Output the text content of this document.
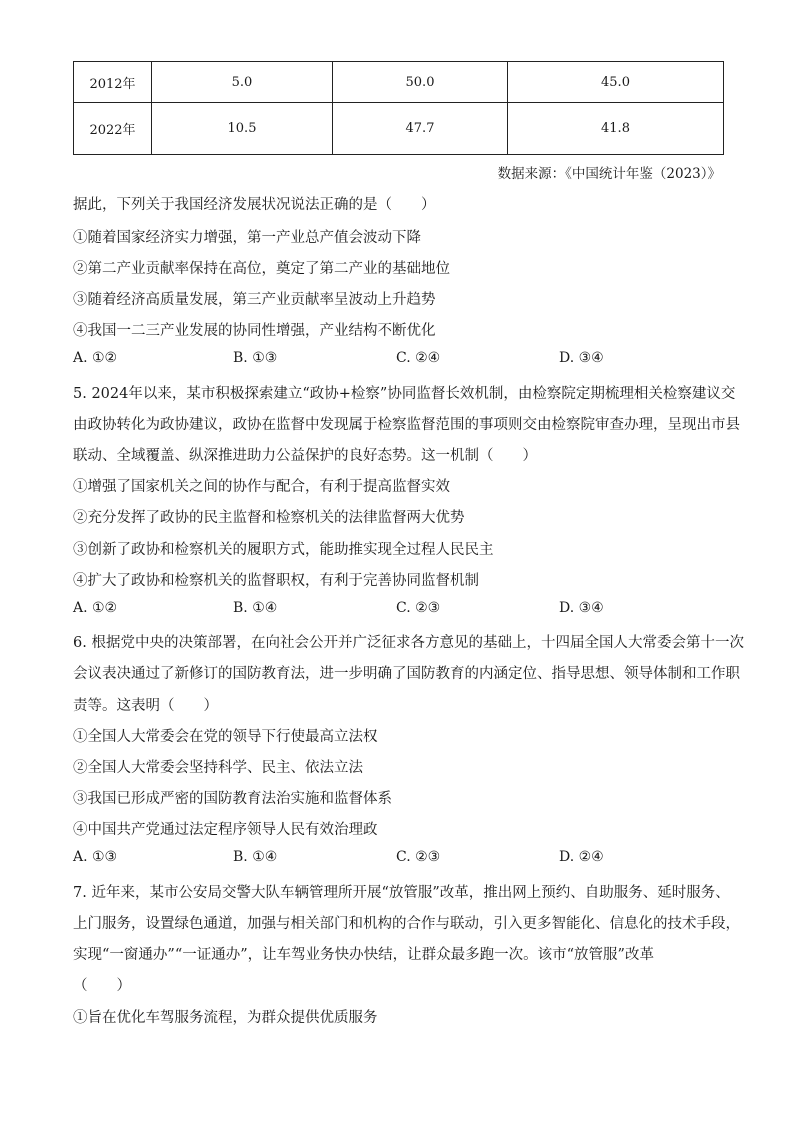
2012年	5.0	50.0	45.0
2022年	10.5	47.7	41.8
数据来源：《中国统计年鉴（2023）》
据此，下列关于我国经济发展状况说法正确的是（　　）
①随着国家经济实力增强，第一产业总产值会波动下降
②第二产业贡献率保持在高位，奠定了第二产业的基础地位
③随着经济高质量发展，第三产业贡献率呈波动上升趋势
④我国一二三产业发展的协同性增强，产业结构不断优化
A. ①②	B. ①③	C. ②④	D. ③④
5. 2024年以来，某市积极探索建立“政协+检察”协同监督长效机制，由检察院定期梳理相关检察建议交
由政协转化为政协建议，政协在监督中发现属于检察监督范围的事项则交由检察院审查办理，呈现出市县
联动、全域覆盖、纵深推进助力公益保护的良好态势。这一机制（　　）
①增强了国家机关之间的协作与配合，有利于提高监督实效
②充分发挥了政协的民主监督和检察机关的法律监督两大优势
③创新了政协和检察机关的履职方式，能助推实现全过程人民民主
④扩大了政协和检察机关的监督职权，有利于完善协同监督机制
A. ①②	B. ①④	C. ②③	D. ③④
6. 根据党中央的决策部署，在向社会公开并广泛征求各方意见的基础上，十四届全国人大常委会第十一次
会议表决通过了新修订的国防教育法，进一步明确了国防教育的内涵定位、指导思想、领导体制和工作职
责等。这表明（　　）
①全国人大常委会在党的领导下行使最高立法权
②全国人大常委会坚持科学、民主、依法立法
③我国已形成严密的国防教育法治实施和监督体系
④中国共产党通过法定程序领导人民有效治理政
A. ①③	B. ①④	C. ②③	D. ②④
7. 近年来，某市公安局交警大队车辆管理所开展“放管服”改革，推出网上预约、自助服务、延时服务、
上门服务，设置绿色通道，加强与相关部门和机构的合作与联动，引入更多智能化、信息化的技术手段，
实现“一窗通办”“一证通办”，让车驾业务快办快结，让群众最多跑一次。该市“放管服”改革
（　　）
①旨在优化车驾服务流程，为群众提供优质服务
